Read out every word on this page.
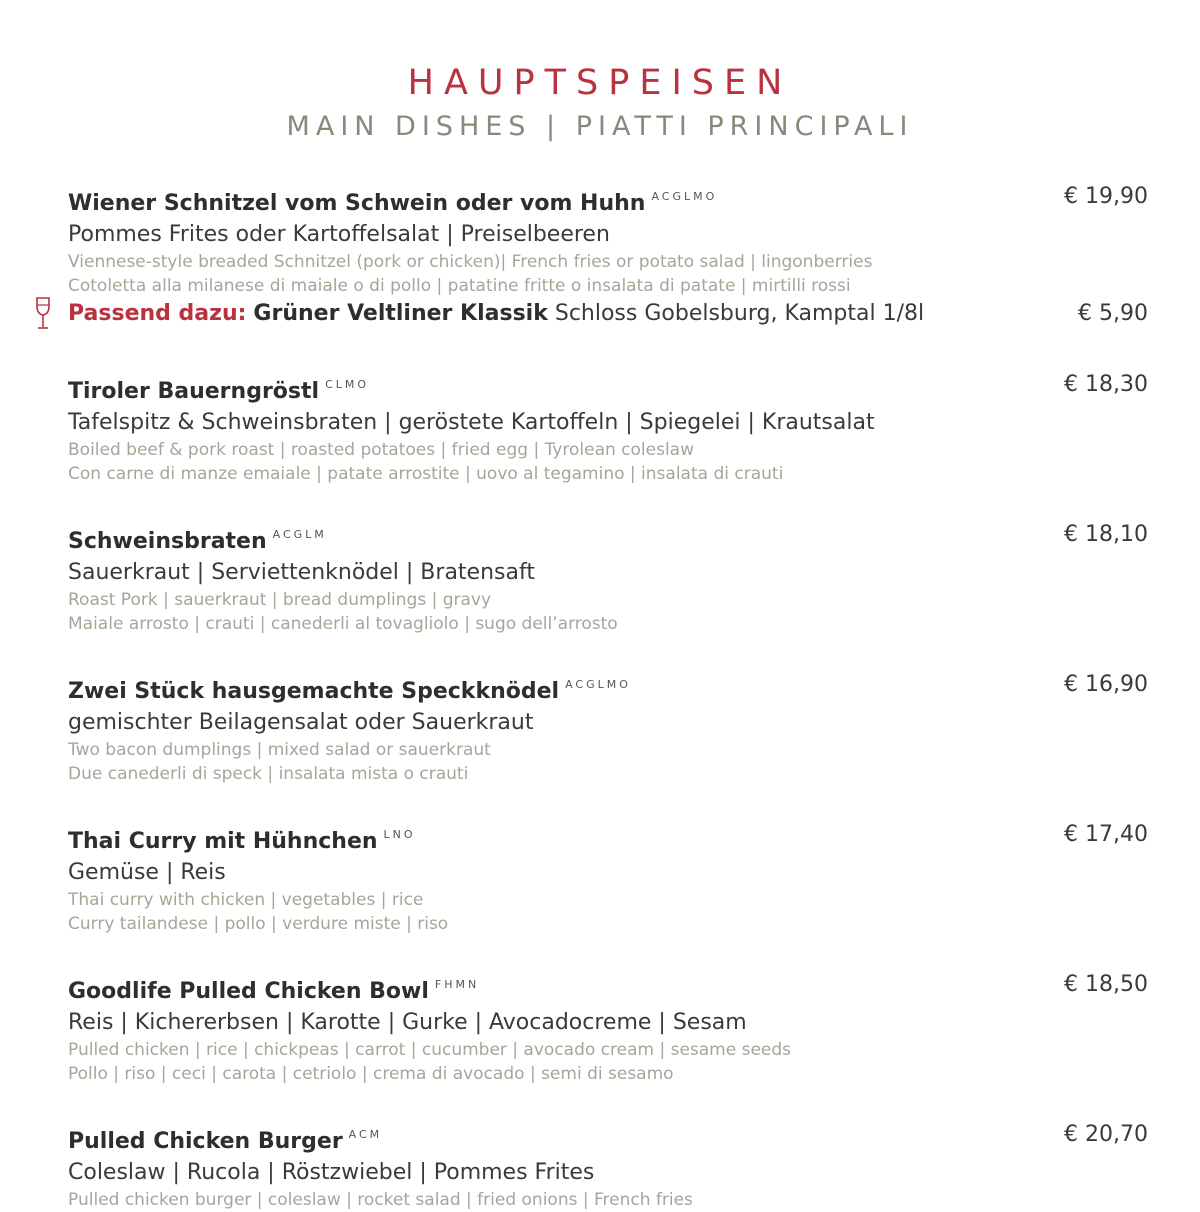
HAUPTSPEISEN
MAIN DISHES | PIATTI PRINCIPALI
Wiener Schnitzel vom Schwein oder vom Huhn $^{ACGLMO}$	€ 19,90
Pommes Frites oder Kartoffelsalat | Preiselbeeren
Viennese-style breaded Schnitzel (pork or chicken)| French fries or potato salad | lingonberries
Cotoletta alla milanese di maiale o di pollo | patatine fritte o insalata di patate | mirtilli rossi
Passend dazu: Grüner Veltliner Klassik Schloss Gobelsburg, Kamptal 1/8l	€ 5,90
Tiroler Bauerngröstl $^{CLMO}$	€ 18,30
Tafelspitz & Schweinsbraten | geröstete Kartoffeln | Spiegelei | Krautsalat
Boiled beef & pork roast | roasted potatoes | fried egg | Tyrolean coleslaw
Con carne di manze emaiale | patate arrostite | uovo al tegamino | insalata di crauti
Schweinsbraten $^{ACGLM}$	€ 18,10
Sauerkraut | Serviettenknödel | Bratensaft
Roast Pork | sauerkraut | bread dumplings | gravy
Maiale arrosto | crauti | canederli al tovagliolo | sugo dell’arrosto
Zwei Stück hausgemachte Speckknödel $^{ACGLMO}$	€ 16,90
gemischter Beilagensalat oder Sauerkraut
Two bacon dumplings | mixed salad or sauerkraut
Due canederli di speck | insalata mista o crauti
Thai Curry mit Hühnchen $^{LNO}$	€ 17,40
Gemüse | Reis
Thai curry with chicken | vegetables | rice
Curry tailandese | pollo | verdure miste | riso
Goodlife Pulled Chicken Bowl $^{FHMN}$	€ 18,50
Reis | Kichererbsen | Karotte | Gurke | Avocadocreme | Sesam
Pulled chicken | rice | chickpeas | carrot | cucumber | avocado cream | sesame seeds
Pollo | riso | ceci | carota | cetriolo | crema di avocado | semi di sesamo
Pulled Chicken Burger $^{ACM}$	€ 20,70
Coleslaw | Rucola | Röstzwiebel | Pommes Frites
Pulled chicken burger | coleslaw | rocket salad | fried onions | French fries
